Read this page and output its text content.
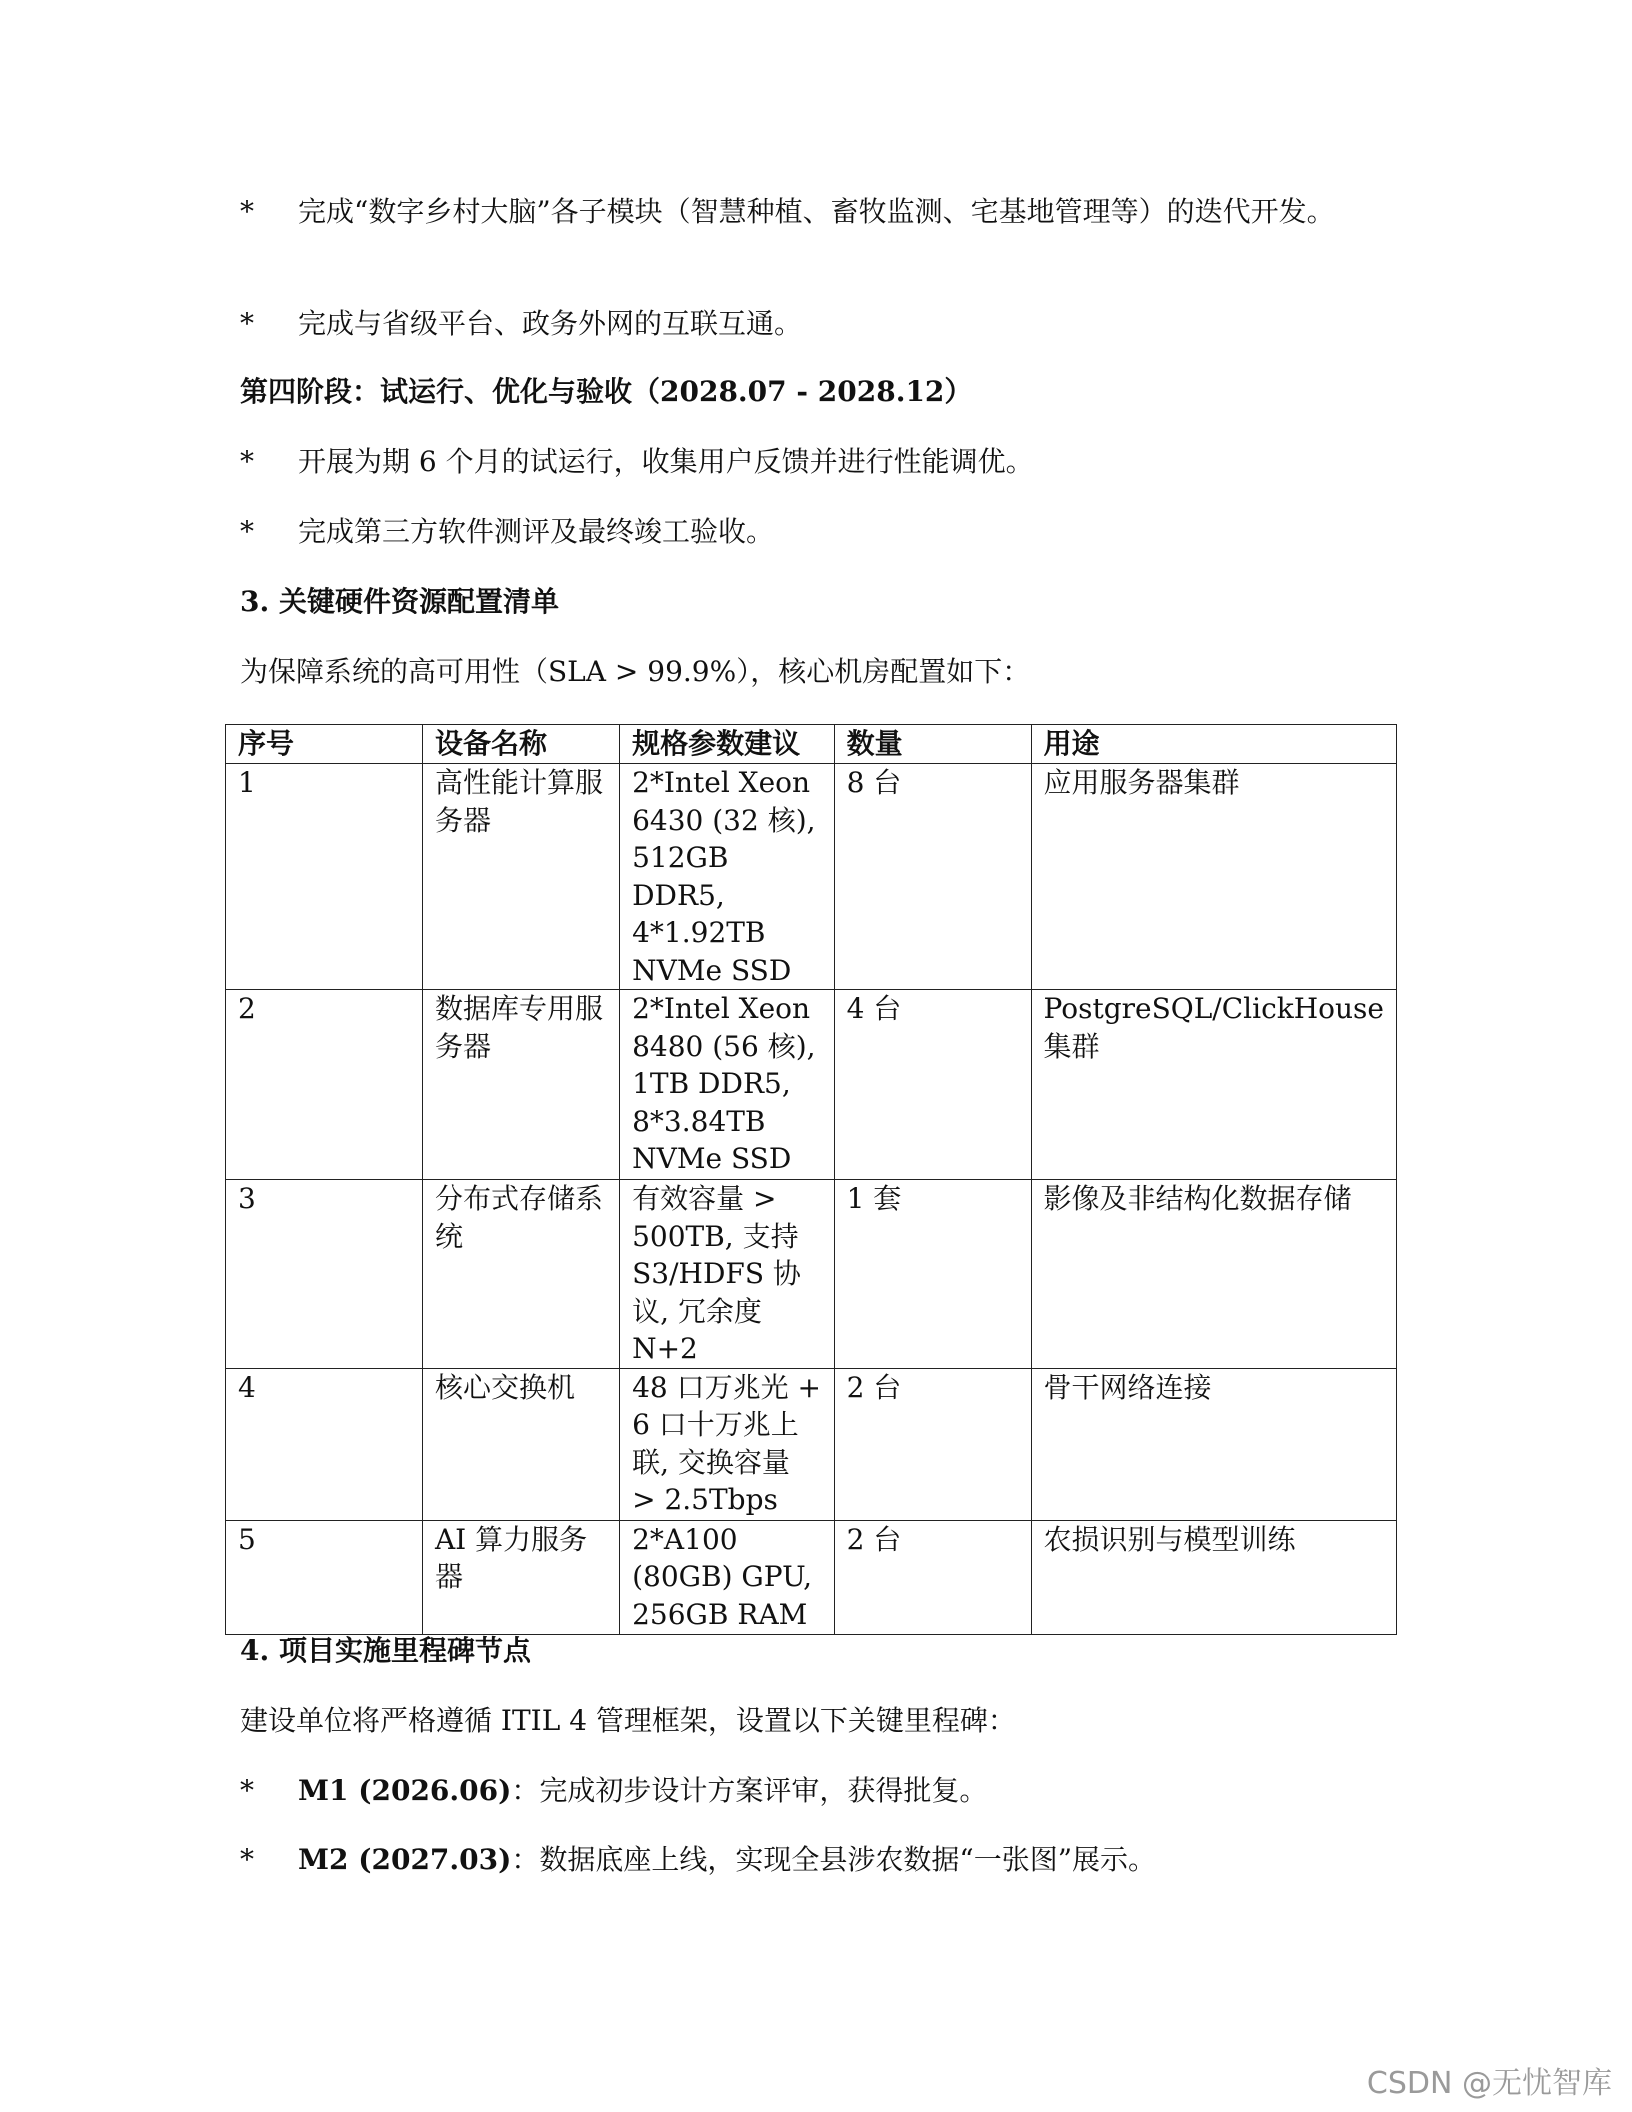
* 完成“数字乡村大脑”各子模块（智慧种植、畜牧监测、宅基地管理等）的迭代开发。
* 完成与省级平台、政务外网的互联互通。
第四阶段：试运行、优化与验收（2028.07 - 2028.12）
* 开展为期 6 个月的试运行，收集用户反馈并进行性能调优。
* 完成第三方软件测评及最终竣工验收。
3. 关键硬件资源配置清单
为保障系统的高可用性（SLA > 99.9%），核心机房配置如下：
序号	设备名称	规格参数建议	数量	用途
1	高性能计算服务器	2*Intel Xeon 6430 (32 核), 512GB DDR5, 4*1.92TB NVMe SSD	8 台	应用服务器集群
2	数据库专用服务器	2*Intel Xeon 8480 (56 核), 1TB DDR5, 8*3.84TB NVMe SSD	4 台	PostgreSQL/ClickHouse 集群
3	分布式存储系统	有效容量 > 500TB, 支持 S3/HDFS 协议, 冗余度 N+2	1 套	影像及非结构化数据存储
4	核心交换机	48 口万兆光 + 6 口十万兆上联, 交换容量 > 2.5Tbps	2 台	骨干网络连接
5	AI 算力服务器	2*A100 (80GB) GPU, 256GB RAM	2 台	农损识别与模型训练
4. 项目实施里程碑节点
建设单位将严格遵循 ITIL 4 管理框架，设置以下关键里程碑：
* M1 (2026.06)：完成初步设计方案评审，获得批复。
* M2 (2027.03)：数据底座上线，实现全县涉农数据“一张图”展示。
CSDN @无忧智库
